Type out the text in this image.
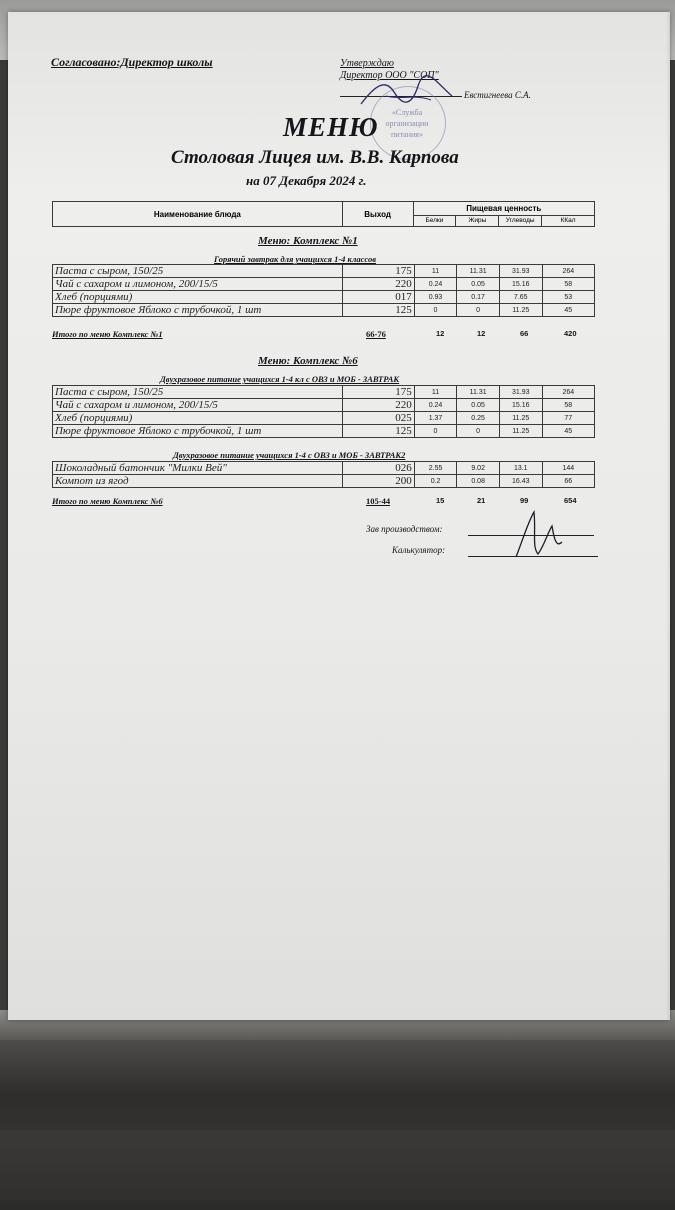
Согласовано:Директор школы	Утверждаю
Директор ООО "СОП"
Евстигнеева С.А.
«Служба организации питания»
МЕНЮ
Столовая Лицея им. В.В. Карпова
на 07 Декабря 2024 г.
Наименование блюда	Выход	Пищевая ценность			
		Белки	Жиры	Углеводы	ККал
Меню: Комплекс №1
Горячий завтрак для учащихся 1-4 классов
Паста с сыром, 150/25	175	11	11.31	31.93	264
Чай с сахаром и лимоном, 200/15/5	220	0.24	0.05	15.16	58
Хлеб (порциями)	017	0.93	0.17	7.65	53
Пюре фруктовое Яблоко с трубочкой, 1 шт	125	0	0	11.25	45
Итого по меню Комплекс №1	66-76	12	12	66	420
Меню: Комплекс №6
Двухразовое питание учащихся 1-4 кл с ОВЗ и МОБ - ЗАВТРАК
Паста с сыром, 150/25	175	11	11.31	31.93	264
Чай с сахаром и лимоном, 200/15/5	220	0.24	0.05	15.16	58
Хлеб (порциями)	025	1.37	0.25	11.25	77
Пюре фруктовое Яблоко с трубочкой, 1 шт	125	0	0	11.25	45
Двухразовое питание учащихся 1-4 с ОВЗ и МОБ - ЗАВТРАК2
Шоколадный батончик "Милки Вей"	026	2.55	9.02	13.1	144
Компот из ягод	200	0.2	0.08	16.43	66
Итого по меню Комплекс №6	105-44	15	21	99	654
Зав производством:
Калькулятор:
